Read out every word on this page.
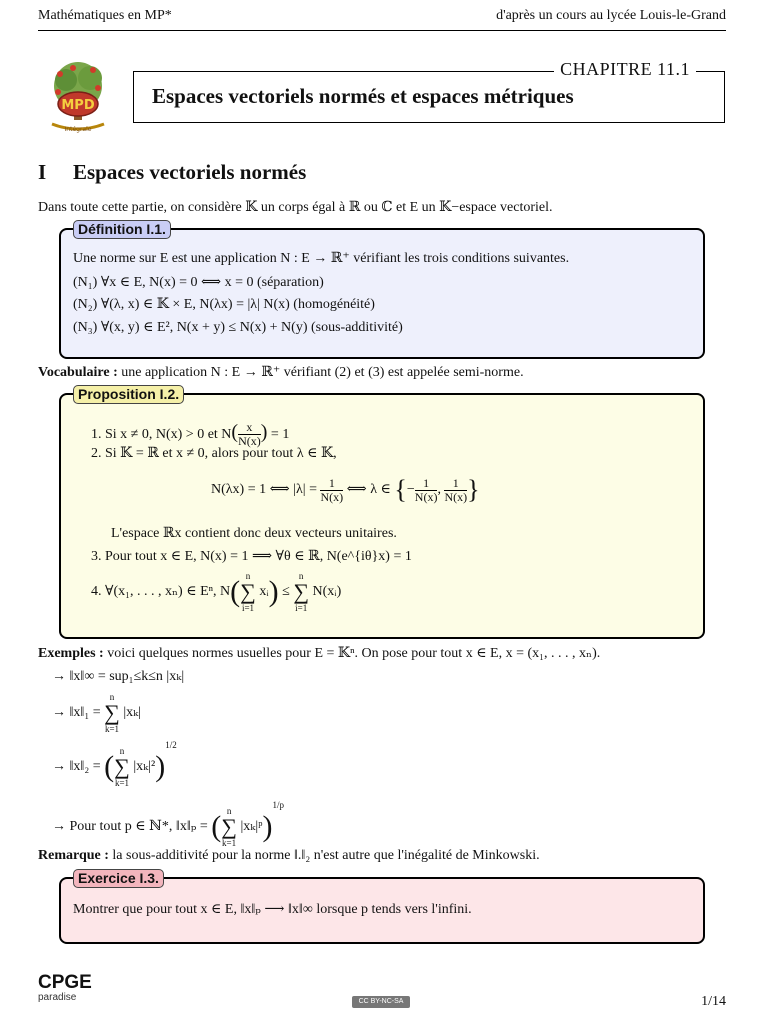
Mathématiques en MP*	d'après un cours au lycée Louis-le-Grand
MPD
Intégrale
CHAPITRE 11.1
Espaces vectoriels normés et espaces métriques
I Espaces vectoriels normés
Dans toute cette partie, on considère 𝕂 un corps égal à ℝ ou ℂ et E un 𝕂−espace vectoriel.
Définition I.1.
Une norme sur E est une application N : E → ℝ⁺ vérifiant les trois conditions suivantes.
(N₁) ∀x ∈ E, N(x) = 0 ⟺ x = 0 (séparation)
(N₂) ∀(λ, x) ∈ 𝕂 × E, N(λx) = |λ| N(x) (homogénéité)
(N₃) ∀(x, y) ∈ E², N(x + y) ≤ N(x) + N(y) (sous-additivité)
Vocabulaire : une application N : E → ℝ⁺ vérifiant (2) et (3) est appelée semi-norme.
Proposition I.2.
1. Si x ≠ 0, N(x) > 0 et $N( \frac{x}{N(x)}) = 1$
2. Si 𝕂 = ℝ et x ≠ 0, alors pour tout λ ∈ 𝕂,
N(λx) = 1 ⟺ $|\lambda| = \frac{1}{N(x)}$ ⟺ λ ∈ {− $\frac{1}{N(x)}$, $\frac{1}{N(x)}$}
L'espace ℝx contient donc deux vecteurs unitaires.
3. Pour tout x ∈ E, N(x) = 1 ⟹ ∀θ ∈ ℝ, N(e^{iθ}x) = 1
4. ∀(x₁, . . . , xₙ) ∈ Eⁿ, N( n
∑
i=1 xᵢ) ≤ n
∑
i=1 N(xᵢ)
Exemples : voici quelques normes usuelles pour E = 𝕂ⁿ. On pose pour tout x ∈ E, x = (x₁, . . . , xₙ).
→ ‖x‖∞ = sup₁≤k≤n |xₖ|
→ ‖x‖₁ = n
∑
k=1 |xₖ|
→ ‖x‖₂ = ( n
∑
k=1 |xₖ|²)$^{1/2}$
→ Pour tout p ∈ ℕ*, ‖x‖ₚ = ( n
∑
k=1 |xₖ|ᵖ)$^{1/p}$
Remarque : la sous-additivité pour la norme ‖.‖₂ n'est autre que l'inégalité de Minkowski.
Exercice I.3.
Montrer que pour tout x ∈ E, ‖x‖ₚ ⟶ ‖x‖∞ lorsque p tends vers l'infini.
CPGE
paradise	CC BY-NC-SA	1/14
